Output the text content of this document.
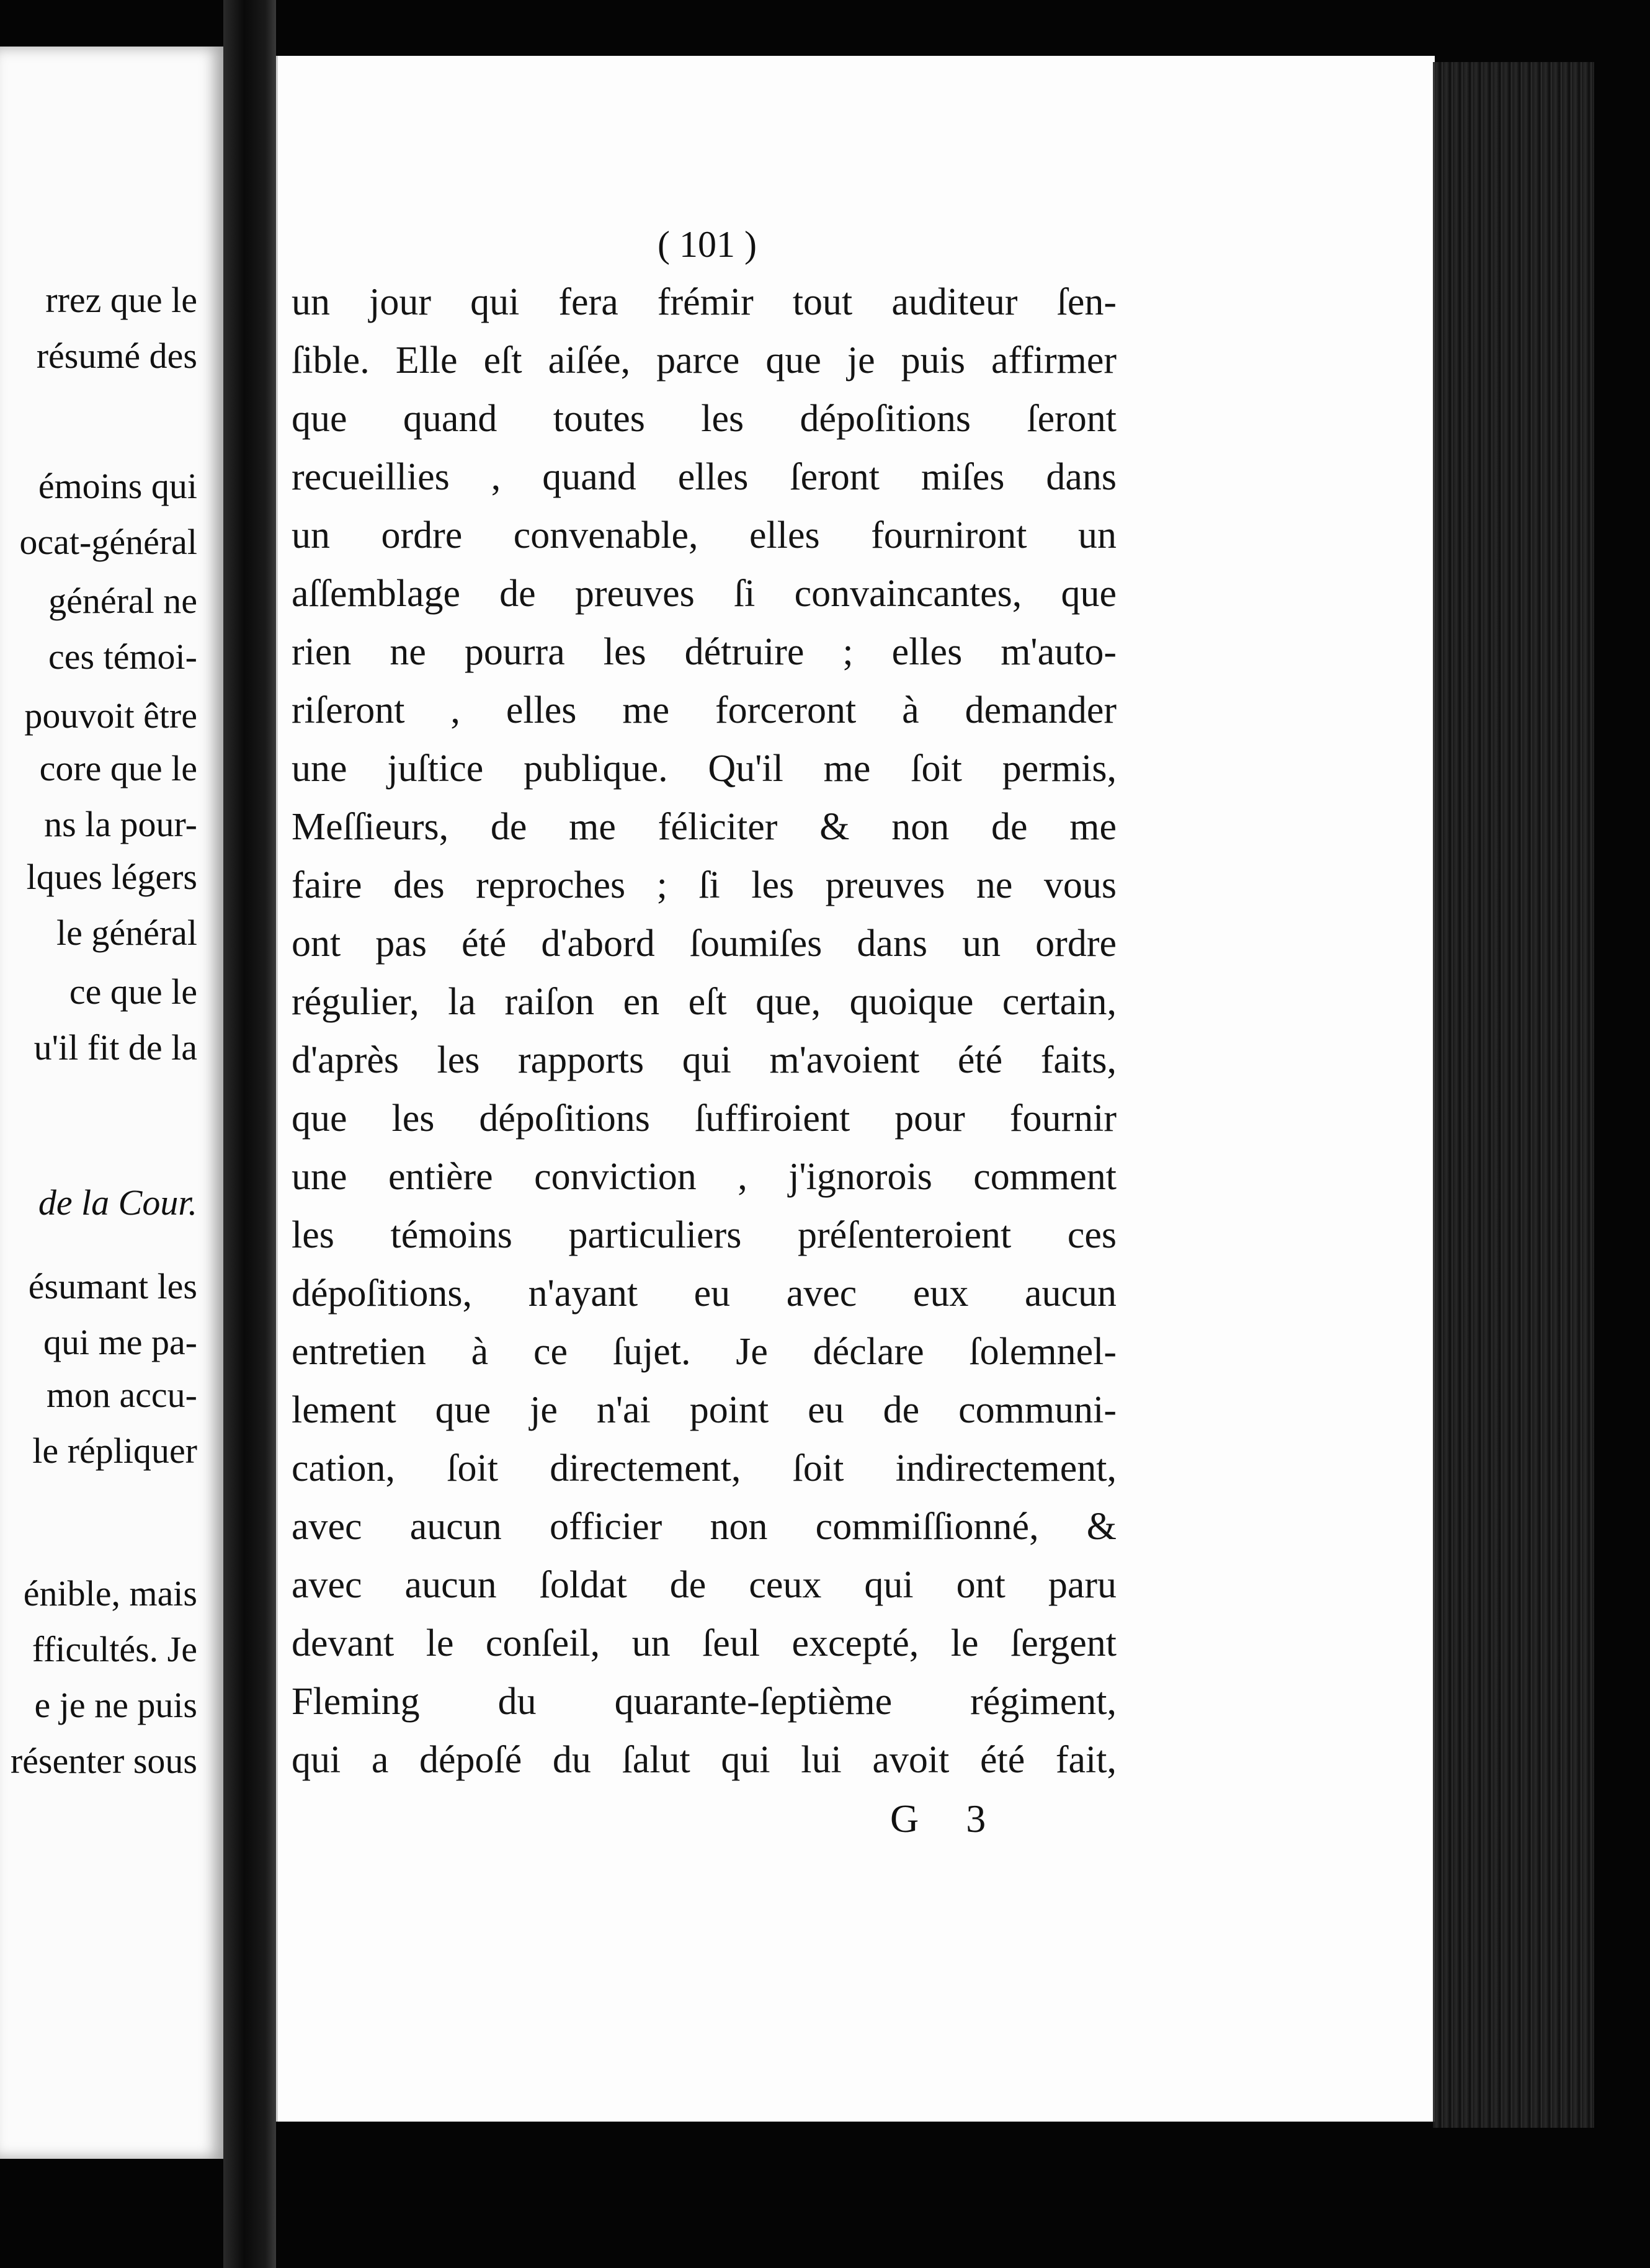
rrez que le
résumé des
émoins qui
ocat-général
général ne
ces témoi-
pouvoit être
core que le
ns la pour-
lques légers
le général
ce que le
u'il fit de la
de la Cour.
ésumant les
qui me pa-
mon accu-
le répliquer
énible, mais
fficultés. Je
e je ne puis
résenter sous
( 101 )
un jour qui fera frémir tout auditeur ſen-
ſible. Elle eſt aiſée, parce que je puis affirmer
que quand toutes les dépoſitions ſeront
recueillies , quand elles ſeront miſes dans
un ordre convenable, elles fourniront un
aſſemblage de preuves ſi convaincantes, que
rien ne pourra les détruire ; elles m'auto-
riſeront , elles me forceront à demander
une juſtice publique. Qu'il me ſoit permis,
Meſſieurs, de me féliciter & non de me
faire des reproches ; ſi les preuves ne vous
ont pas été d'abord ſoumiſes dans un ordre
régulier, la raiſon en eſt que, quoique certain,
d'après les rapports qui m'avoient été faits,
que les dépoſitions ſuffiroient pour fournir
une entière conviction , j'ignorois comment
les témoins particuliers préſenteroient ces
dépoſitions, n'ayant eu avec eux aucun
entretien à ce ſujet. Je déclare ſolemnel-
lement que je n'ai point eu de communi-
cation, ſoit directement, ſoit indirectement,
avec aucun officier non commiſſionné, &
avec aucun ſoldat de ceux qui ont paru
devant le conſeil, un ſeul excepté, le ſergent
Fleming du quarante-ſeptième régiment,
qui a dépoſé du ſalut qui lui avoit été fait,
G 3
